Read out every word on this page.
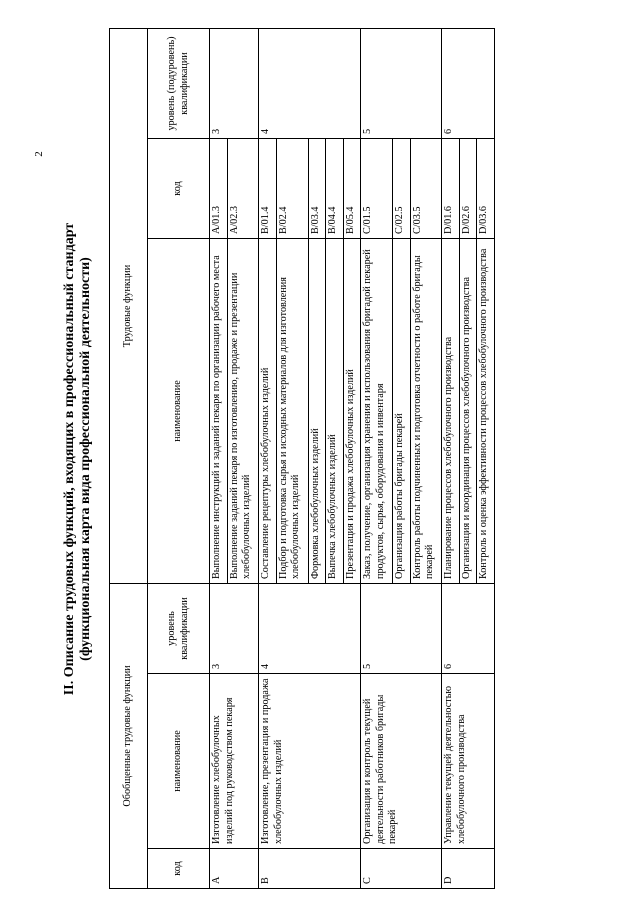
2
II. Описание трудовых функций, входящих в профессиональный стандарт (функциональная карта вида профессиональной деятельности)
Обобщенные трудовые функции			Трудовые функции		
код	наименование	уровень квалификации	наименование	код	уровень (подуровень) квалификации
A	Изготовление хлебобулочных изделий под руководством пекаря	3	Выполнение инструкций и заданий пекаря по организации рабочего места	A/01.3	3
			Выполнение заданий пекаря по изготовлению, продаже и презентации хлебобулочных изделий	A/02.3	
B	Изготовление, презентация и продажа хлебобулочных изделий	4	Составление рецептуры хлебобулочных изделий	B/01.4	4
			Подбор и подготовка сырья и исходных материалов для изготовления хлебобулочных изделий	B/02.4	
			Формовка хлебобулочных изделий	B/03.4	
			Выпечка хлебобулочных изделий	B/04.4	
			Презентация и продажа хлебобулочных изделий	B/05.4	
C	Организация и контроль текущей деятельности работников бригады пекарей	5	Заказ, получение, организация хранения и использования бригадой пекарей продуктов, сырья, оборудования и инвентаря	C/01.5	5
			Организация работы бригады пекарей	C/02.5	
			Контроль работы подчиненных и подготовка отчетности о работе бригады пекарей	C/03.5	
D	Управление текущей деятельностью хлебобулочного производства	6	Планирование процессов хлебобулочного производства	D/01.6	6
			Организация и координация процессов хлебобулочного производства	D/02.6	
			Контроль и оценка эффективности процессов хлебобулочного производства	D/03.6	
